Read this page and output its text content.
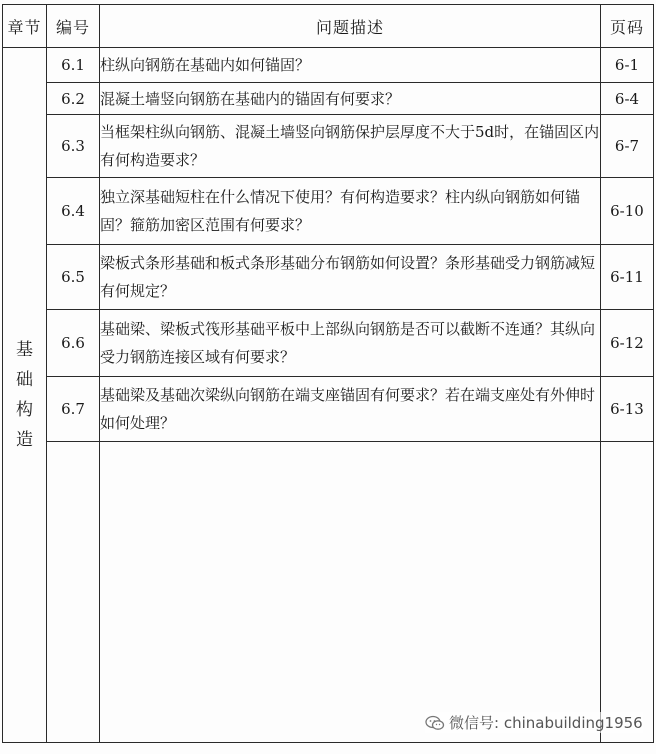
章节	编号	问题描述	页码
基础构造	6.1	柱纵向钢筋在基础内如何锚固？	6-1
	6.2	混凝土墙竖向钢筋在基础内的锚固有何要求？	6-4
	6.3	当框架柱纵向钢筋、混凝土墙竖向钢筋保护层厚度不大于5d时，在锚固区内有何构造要求？	6-7
	6.4	独立深基础短柱在什么情况下使用？有何构造要求？柱内纵向钢筋如何锚固？箍筋加密区范围有何要求？	6-10
	6.5	梁板式条形基础和板式条形基础分布钢筋如何设置？条形基础受力钢筋减短有何规定？	6-11
	6.6	基础梁、梁板式筏形基础平板中上部纵向钢筋是否可以截断不连通？其纵向受力钢筋连接区域有何要求？	6-12
	6.7	基础梁及基础次梁纵向钢筋在端支座锚固有何要求？若在端支座处有外伸时如何处理？	6-13

微信号: chinabuilding1956
